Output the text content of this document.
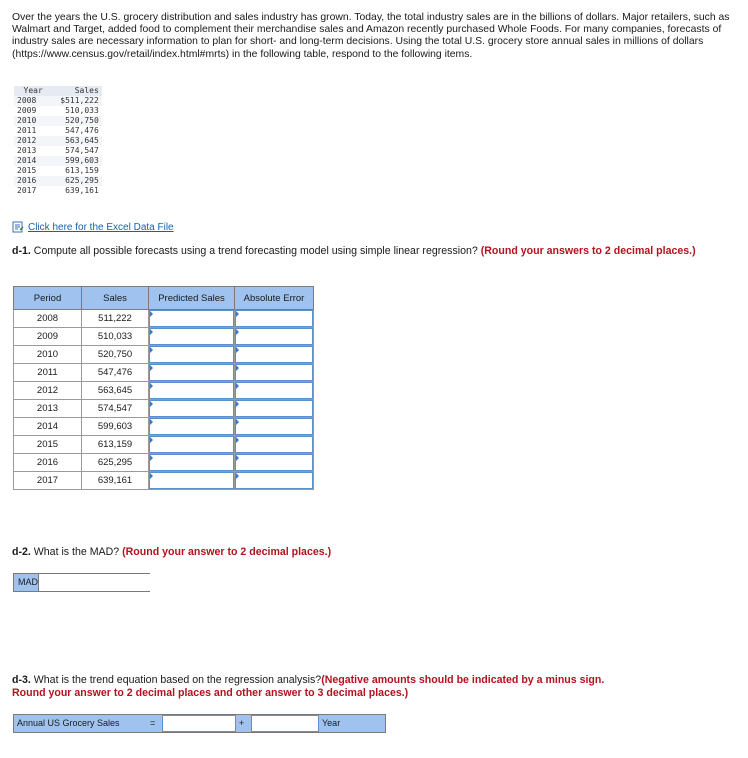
Over the years the U.S. grocery distribution and sales industry has grown. Today, the total industry sales are in the billions of dollars. Major retailers, such as Walmart and Target, added food to complement their merchandise sales and Amazon recently purchased Whole Foods. For many companies, forecasts of industry sales are necessary information to plan for short- and long-term decisions. Using the total U.S. grocery store annual sales in millions of dollars (https://www.census.gov/retail/index.html#mrts) in the following table, respond to the following items.
Year	Sales
2008	$511,222
2009	510,033
2010	520,750
2011	547,476
2012	563,645
2013	574,547
2014	599,603
2015	613,159
2016	625,295
2017	639,161
Click here for the Excel Data File
d-1. Compute all possible forecasts using a trend forecasting model using simple linear regression? (Round your answers to 2 decimal places.)
Period	Sales	Predicted Sales	Absolute Error
2008	511,222	

2009	510,033	

2010	520,750	

2011	547,476	

2012	563,645	

2013	574,547	

2014	599,603	

2015	613,159	

2016	625,295	

2017	639,161	

d-2. What is the MAD? (Round your answer to 2 decimal places.)
MAD
d-3. What is the trend equation based on the regression analysis?(Negative amounts should be indicated by a minus sign. Round your answer to 2 decimal places and other answer to 3 decimal places.)
Annual US Grocery Sales	=	+	Year
